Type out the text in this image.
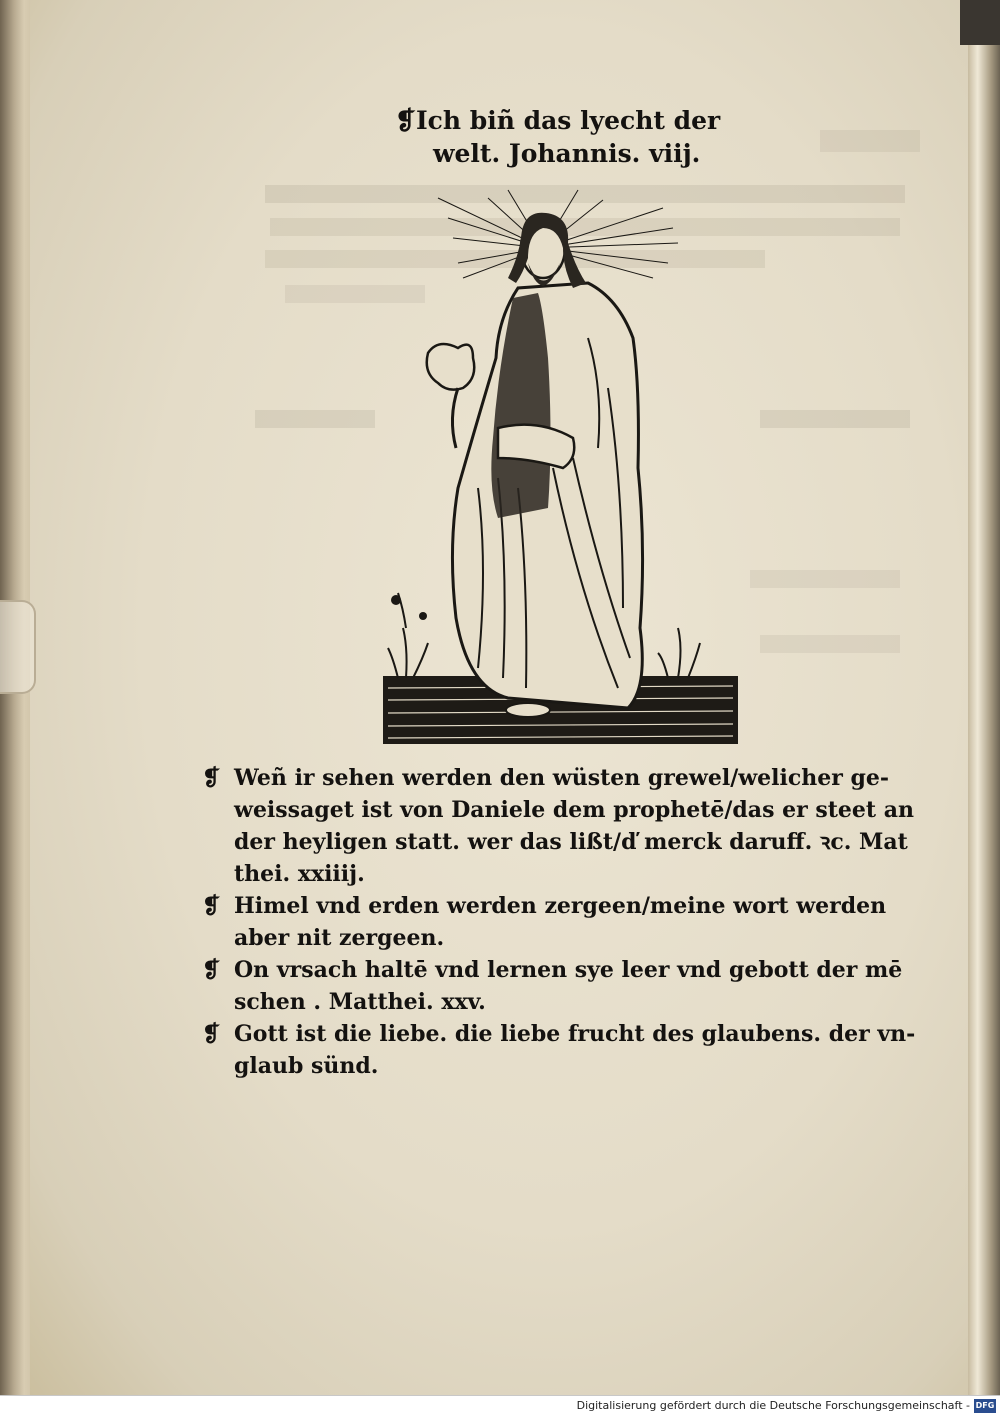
❡Ich biñ das lyecht der
welt. Johannis. viij.
❡ Weñ ir sehen werden den wüsten grewel/welicher ge-
weissaget ist von Daniele dem prophetē/das er steet an
der heyligen statt. wer das lißt/ď merck daruff. ꝛc. Mat
thei. xxiiij.
❡ Himel vnd erden werden zergeen/meine wort werden
aber nit zergeen.
❡ On vrsach haltē vnd lernen sye leer vnd gebott der mē
schen . Matthei. xxv.
❡ Gott ist die liebe. die liebe frucht des glaubens. der vn-
glaub sünd.
Digitalisierung gefördert durch die Deutsche Forschungsgemeinschaft - DFG
